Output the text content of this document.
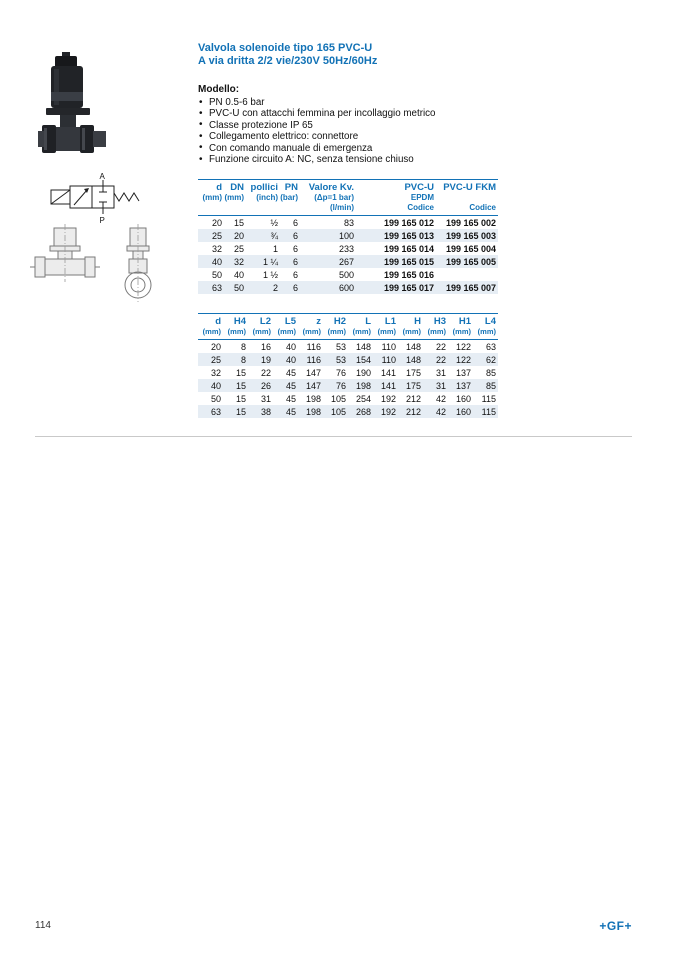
A
P
Valvola solenoide tipo 165 PVC-U
A via dritta 2/2 vie/230V 50Hz/60Hz
Modello:
• PN 0.5-6 bar
• PVC-U con attacchi femmina per incollaggio metrico
• Classe protezione IP 65
• Collegamento elettrico: connettore
• Con comando manuale di emergenza
• Funzione circuito A: NC, senza tensione chiuso
d
(mm)

DN
(mm)

pollici
(inch)

PN
(bar)

Valore Kv.
(Δp=1 bar)
(l/min)

PVC-U
EPDM
Codice

PVC-U FKM

Codice

20	15	½	6	83	199 165 012	199 165 002
25	20	¾	6	100	199 165 013	199 165 003
32	25	1	6	233	199 165 014	199 165 004
40	32	1 ¼	6	267	199 165 015	199 165 005
50	40	1 ½	6	500	199 165 016	
63	50	2	6	600	199 165 017	199 165 007
d
(mm)

H4
(mm)

L2
(mm)

L5
(mm)

z
(mm)

H2
(mm)

L
(mm)

L1
(mm)

H
(mm)

H3
(mm)

H1
(mm)

L4
(mm)

20	8	16	40	116	53	148	110	148	22	122	63
25	8	19	40	116	53	154	110	148	22	122	62
32	15	22	45	147	76	190	141	175	31	137	85
40	15	26	45	147	76	198	141	175	31	137	85
50	15	31	45	198	105	254	192	212	42	160	115
63	15	38	45	198	105	268	192	212	42	160	115
114	+GF+
